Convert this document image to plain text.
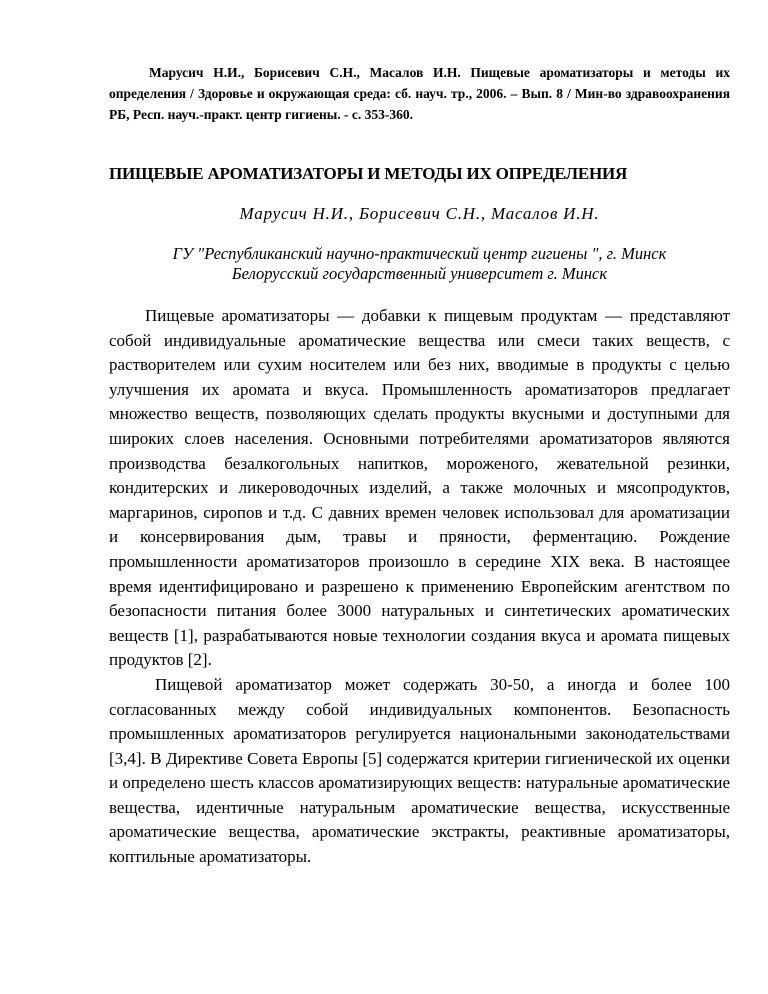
Марусич Н.И., Борисевич С.Н., Масалов И.Н. Пищевые ароматизаторы и методы их определения / Здоровье и окружающая среда: сб. науч. тр., 2006. – Вып. 8 / Мин-во здравоохранения РБ, Респ. науч.-практ. центр гигиены. - с. 353-360.

ПИЩЕВЫЕ АРОМАТИЗАТОРЫ И МЕТОДЫ ИХ ОПРЕДЕЛЕНИЯ

Марусич Н.И., Борисевич С.Н., Масалов И.Н.

ГУ "Республиканский научно-практический центр гигиены ", г. Минск
Белорусский государственный университет г. Минск

Пищевые ароматизаторы — добавки к пищевым продуктам — представляют собой индивидуальные ароматические вещества или смеси таких веществ, с растворителем или сухим носителем или без них, вводимые в продукты с целью улучшения их аромата и вкуса. Промышленность ароматизаторов предлагает множество веществ, позволяющих сделать продукты вкусными и доступными для широких слоев населения. Основными потребителями ароматизаторов являются производства безалкогольных напитков, мороженого, жевательной резинки, кондитерских и ликероводочных изделий, а также молочных и мясопродуктов, маргаринов, сиропов и т.д. С давних времен человек использовал для ароматизации и консервирования дым, травы и пряности, ферментацию. Рождение промышленности ароматизаторов произошло в середине XIX века. В настоящее время идентифицировано и разрешено к применению Европейским агентством по безопасности питания более 3000 натуральных и синтетических ароматических веществ [1], разрабатываются новые технологии создания вкуса и аромата пищевых продуктов [2].

Пищевой ароматизатор может содержать 30-50, а иногда и более 100 согласованных между собой индивидуальных компонентов. Безопасность промышленных ароматизаторов регулируется национальными законодательствами [3,4]. В Директиве Совета Европы [5] содержатся критерии гигиенической их оценки и определено шесть классов ароматизирующих веществ: натуральные ароматические вещества, идентичные натуральным ароматические вещества, искусственные ароматические вещества, ароматические экстракты, реактивные ароматизаторы, коптильные ароматизаторы.
